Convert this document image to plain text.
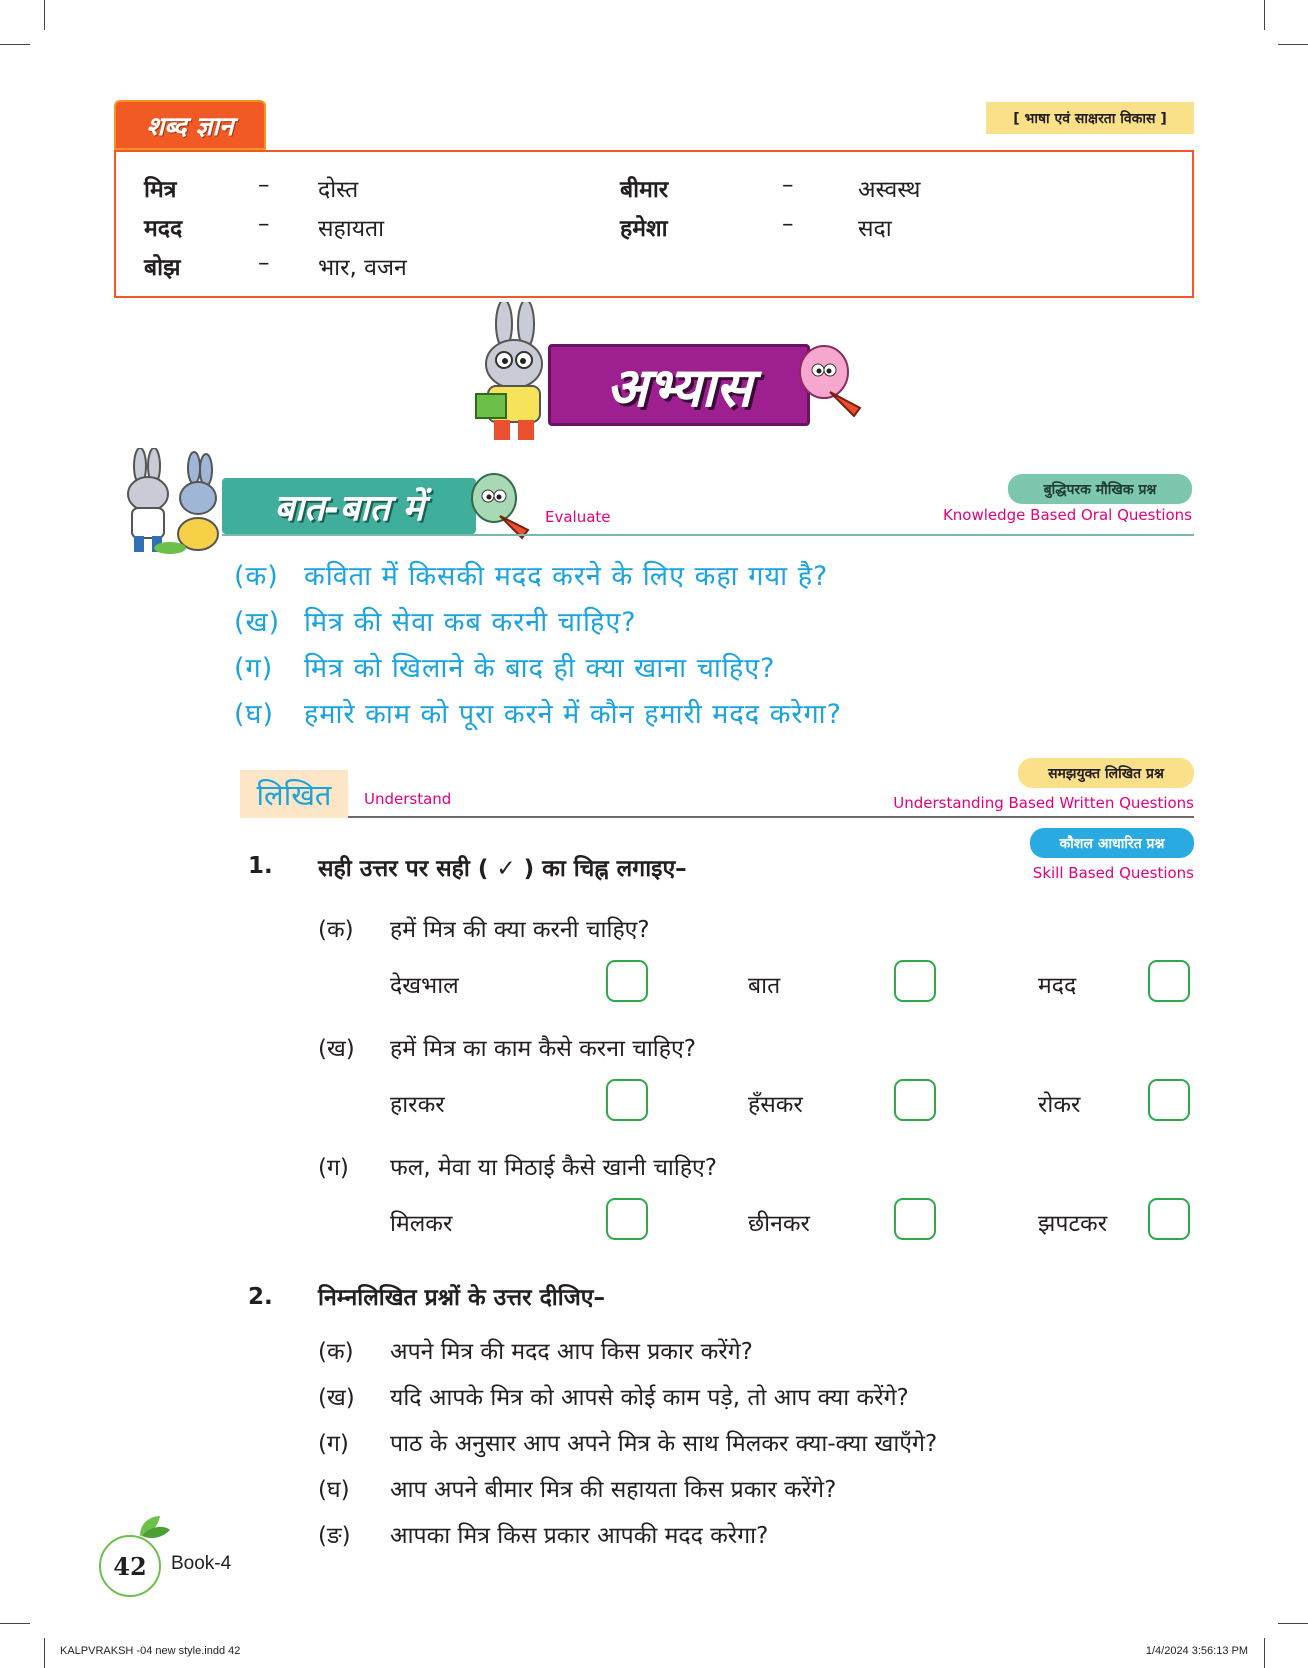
शब्द ज्ञान	[ भाषा एवं साक्षरता विकास ]
मित्र	– दोस्त	बीमार	–	अस्वस्थ
मदद	– सहायता	हमेशा	–	सदा
बोझ	– भार, वजन
अभ्यास
बात-बात में	Evaluate
बुद्धिपरक मौखिक प्रश्न
Knowledge Based Oral Questions
(क) कविता में किसकी मदद करने के लिए कहा गया है?
(ख) मित्र की सेवा कब करनी चाहिए?
(ग) मित्र को खिलाने के बाद ही क्या खाना चाहिए?
(घ) हमारे काम को पूरा करने में कौन हमारी मदद करेगा?
लिखित	Understand
समझयुक्त लिखित प्रश्न
Understanding Based Written Questions
कौशल आधारित प्रश्न
Skill Based Questions
1. सही उत्तर पर सही ( ✓ ) का चिह्न लगाइए–
(क) हमें मित्र की क्या करनी चाहिए?
देखभाल	बात	मदद
(ख) हमें मित्र का काम कैसे करना चाहिए?
हारकर	हँसकर	रोकर
(ग) फल, मेवा या मिठाई कैसे खानी चाहिए?
मिलकर	छीनकर	झपटकर
2. निम्नलिखित प्रश्नों के उत्तर दीजिए–
(क) अपने मित्र की मदद आप किस प्रकार करेंगे?
(ख) यदि आपके मित्र को आपसे कोई काम पड़े, तो आप क्या करेंगे?
(ग) पाठ के अनुसार आप अपने मित्र के साथ मिलकर क्या-क्या खाएँगे?
(घ) आप अपने बीमार मित्र की सहायता किस प्रकार करेंगे?
(ङ) आपका मित्र किस प्रकार आपकी मदद करेगा?
42 Book-4
KALPVRAKSH -04 new style.indd 42	1/4/2024 3:56:13 PM
